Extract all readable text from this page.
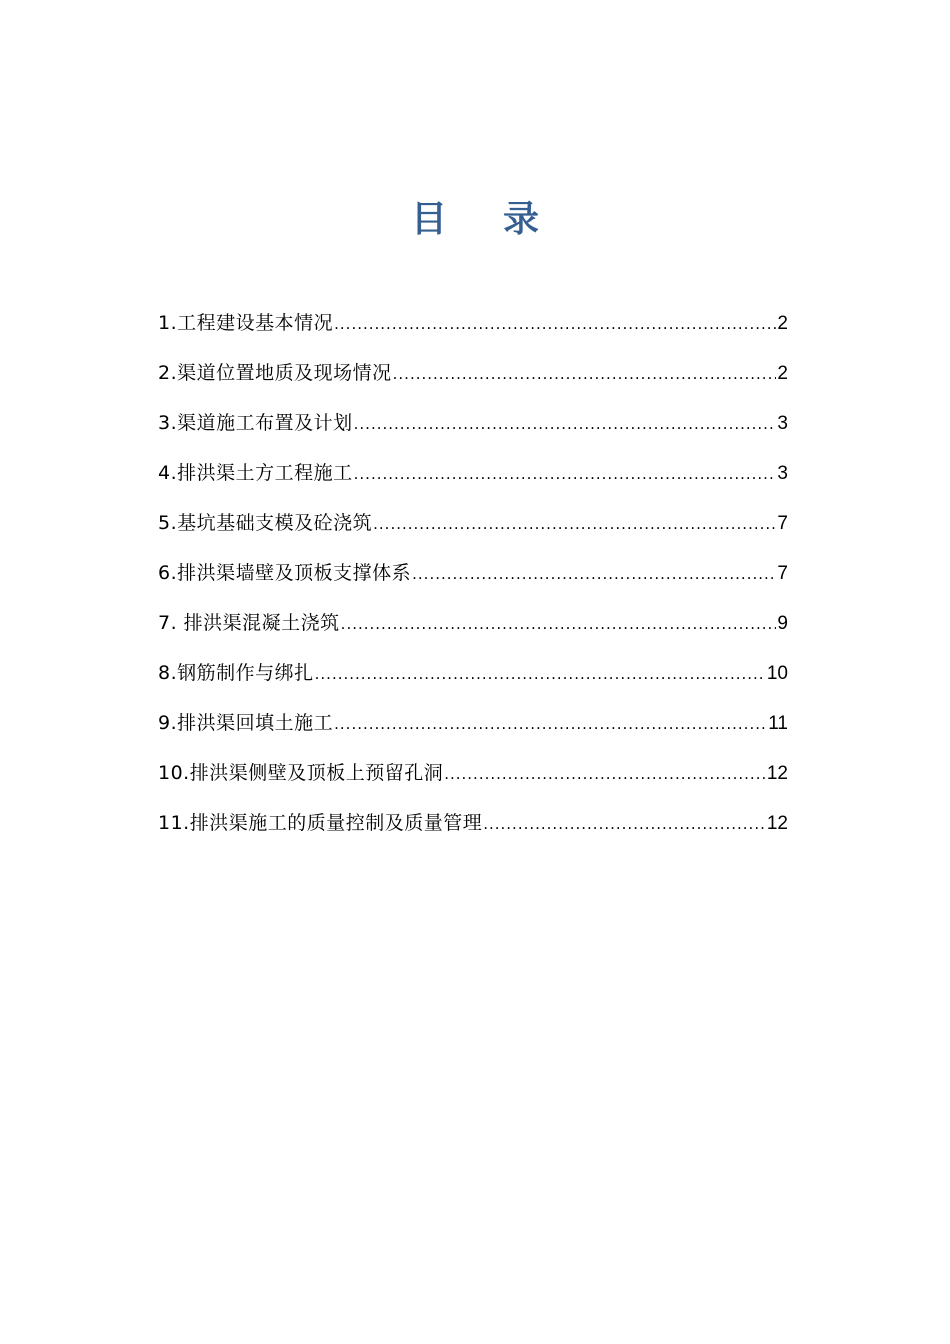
目录
1.工程建设基本情况 .....	2
2.渠道位置地质及现场情况 .....	2
3.渠道施工布置及计划 .....	3
4.排洪渠土方工程施工 .....	3
5.基坑基础支模及砼浇筑 .....	7
6.排洪渠墙壁及顶板支撑体系 .....	7
7. 排洪渠混凝土浇筑 .....	9
8.钢筋制作与绑扎 .....	10
9.排洪渠回填土施工 .....	11
10.排洪渠侧壁及顶板上预留孔洞 .....	12
11.排洪渠施工的质量控制及质量管理 .....	12
